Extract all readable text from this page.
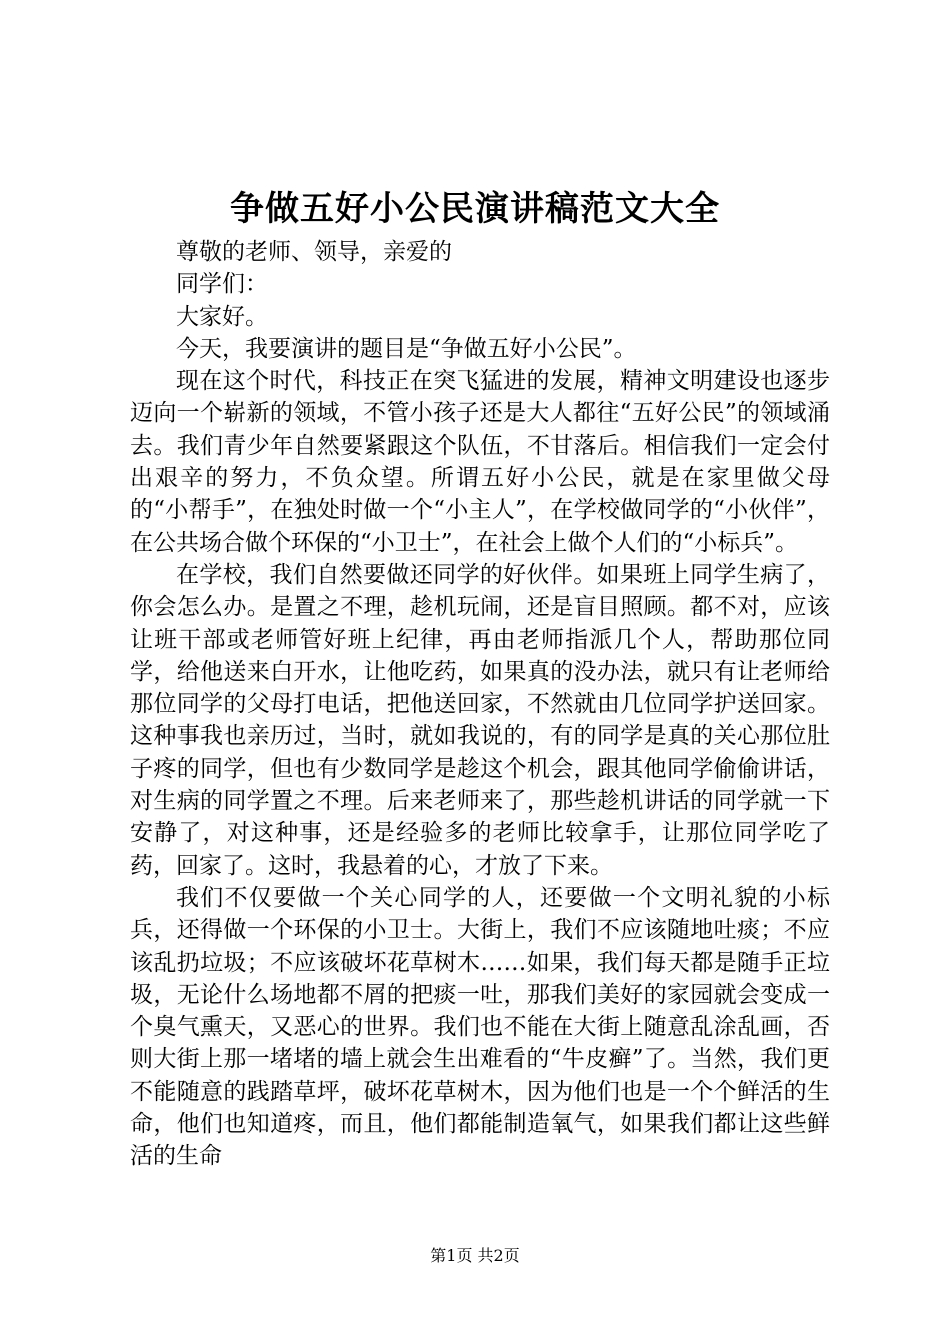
争做五好小公民演讲稿范文大全

尊敬的老师、领导，亲爱的

同学们：

大家好。

今天，我要演讲的题目是“争做五好小公民”。

现在这个时代，科技正在突飞猛进的发展，精神文明建设也逐步迈向一个崭新的领域，不管小孩子还是大人都往“五好公民”的领域涌去。我们青少年自然要紧跟这个队伍，不甘落后。相信我们一定会付出艰辛的努力，不负众望。所谓五好小公民，就是在家里做父母的“小帮手”，在独处时做一个“小主人”，在学校做同学的“小伙伴”，在公共场合做个环保的“小卫士”，在社会上做个人们的“小标兵”。

在学校，我们自然要做还同学的好伙伴。如果班上同学生病了，你会怎么办。是置之不理，趁机玩闹，还是盲目照顾。都不对，应该让班干部或老师管好班上纪律，再由老师指派几个人，帮助那位同学，给他送来白开水，让他吃药，如果真的没办法，就只有让老师给那位同学的父母打电话，把他送回家，不然就由几位同学护送回家。这种事我也亲历过，当时，就如我说的，有的同学是真的关心那位肚子疼的同学，但也有少数同学是趁这个机会，跟其他同学偷偷讲话，对生病的同学置之不理。后来老师来了，那些趁机讲话的同学就一下安静了，对这种事，还是经验多的老师比较拿手，让那位同学吃了药，回家了。这时，我悬着的心，才放了下来。

我们不仅要做一个关心同学的人，还要做一个文明礼貌的小标兵，还得做一个环保的小卫士。大街上，我们不应该随地吐痰；不应该乱扔垃圾；不应该破坏花草树木……如果，我们每天都是随手正垃圾，无论什么场地都不屑的把痰一吐，那我们美好的家园就会变成一个臭气熏天，又恶心的世界。我们也不能在大街上随意乱涂乱画，否则大街上那一堵堵的墙上就会生出难看的“牛皮癣”了。当然，我们更不能随意的践踏草坪，破坏花草树木，因为他们也是一个个鲜活的生命，他们也知道疼，而且，他们都能制造氧气，如果我们都让这些鲜活的生命

第1页 共2页
